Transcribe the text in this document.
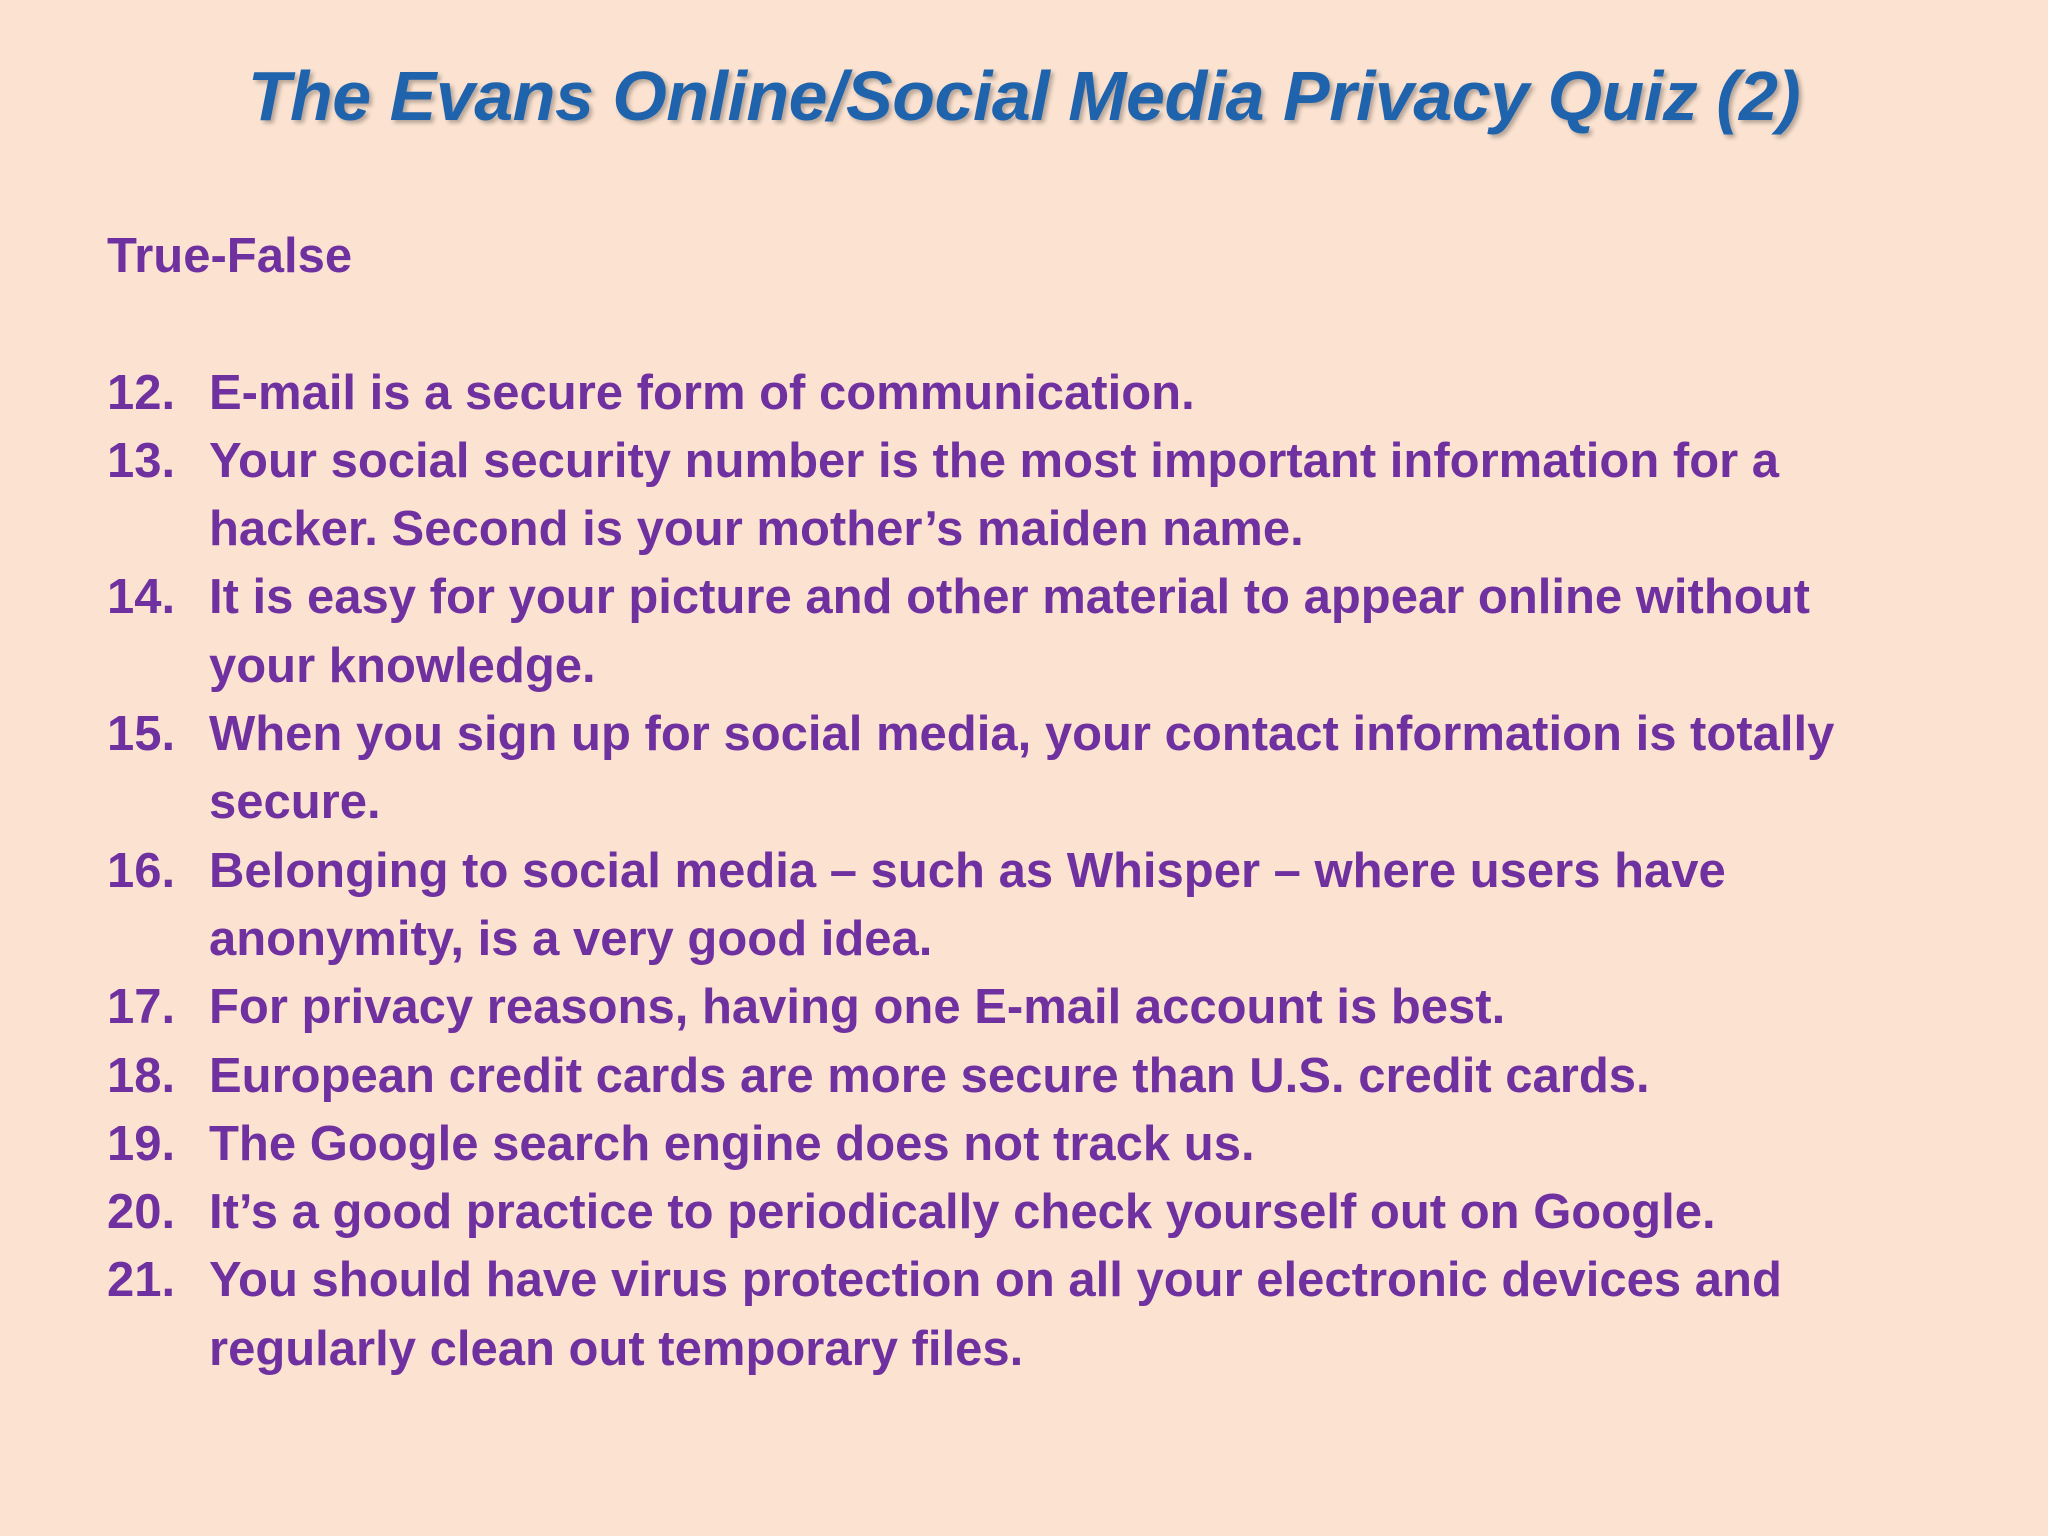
The Evans Online/Social Media Privacy Quiz (2)
True-False
12. E-mail is a secure form of communication.
13. Your social security number is the most important information for a hacker. Second is your mother’s maiden name.
14. It is easy for your picture and other material to appear online without your knowledge.
15. When you sign up for social media, your contact information is totally secure.
16. Belonging to social media – such as Whisper – where users have anonymity, is a very good idea.
17. For privacy reasons, having one E-mail account is best.
18. European credit cards are more secure than U.S. credit cards.
19. The Google search engine does not track us.
20. It’s a good practice to periodically check yourself out on Google.
21. You should have virus protection on all your electronic devices and regularly clean out temporary files.
